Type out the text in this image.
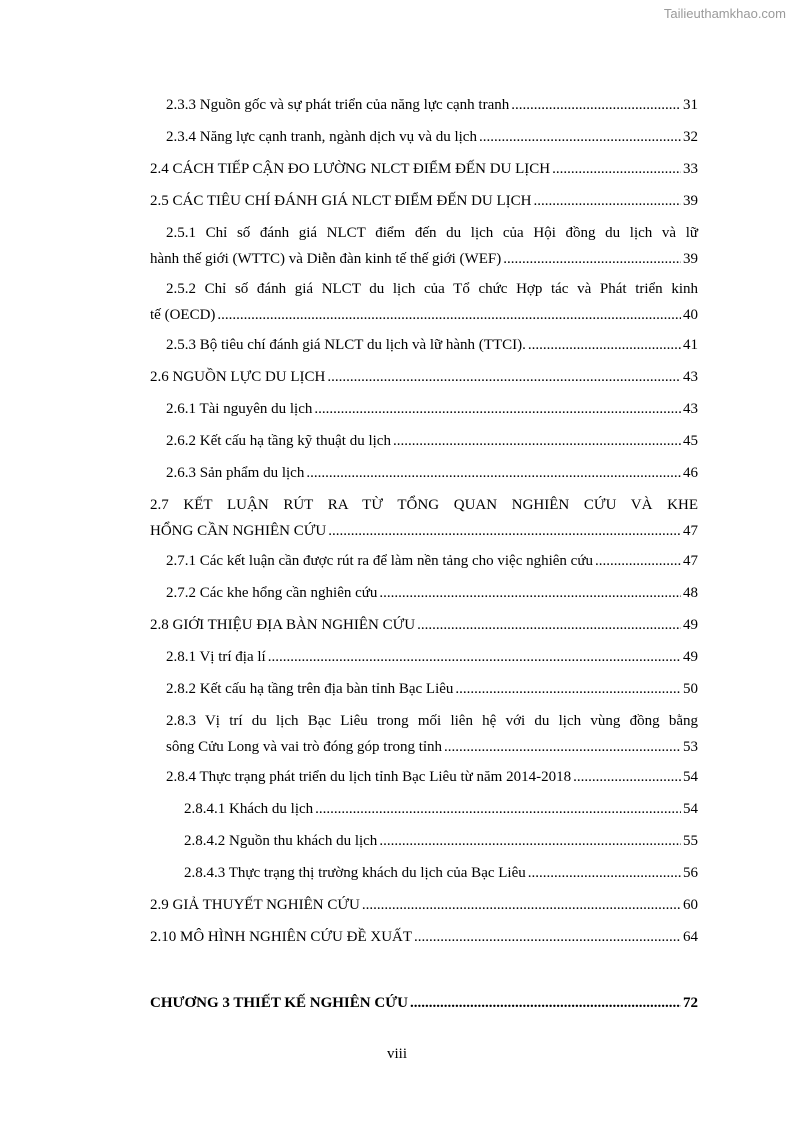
Tailieuthamkhao.com
2.3.3 Nguồn gốc và sự phát triển của năng lực cạnh tranh .....	31
2.3.4 Năng lực cạnh tranh, ngành dịch vụ và du lịch .....	32
2.4 CÁCH TIẾP CẬN ĐO LƯỜNG NLCT ĐIỂM ĐẾN DU LỊCH .....	33
2.5 CÁC TIÊU CHÍ ĐÁNH GIÁ NLCT ĐIỂM ĐẾN DU LỊCH .....	39
2.5.1 Chỉ số đánh giá NLCT điểm đến du lịch của Hội đồng du lịch và lữ
hành thế giới (WTTC) và Diễn đàn kinh tế thế giới (WEF) .....	39
2.5.2 Chỉ số đánh giá NLCT du lịch của Tổ chức Hợp tác và Phát triển kinh
tế (OECD) .....	40
2.5.3 Bộ tiêu chí đánh giá NLCT du lịch và lữ hành (TTCI). .....	41
2.6 NGUỒN LỰC DU LỊCH .....	43
2.6.1 Tài nguyên du lịch .....	43
2.6.2 Kết cấu hạ tầng kỹ thuật du lịch .....	45
2.6.3 Sản phẩm du lịch .....	46
2.7 KẾT LUẬN RÚT RA TỪ TỔNG QUAN NGHIÊN CỨU VÀ KHE
HỔNG CẦN NGHIÊN CỨU .....	47
2.7.1 Các kết luận cần được rút ra để làm nền tảng cho việc nghiên cứu .....	47
2.7.2 Các khe hổng cần nghiên cứu .....	48
2.8 GIỚI THIỆU ĐỊA BÀN NGHIÊN CỨU .....	49
2.8.1 Vị trí địa lí .....	49
2.8.2 Kết cấu hạ tầng trên địa bàn tỉnh Bạc Liêu .....	50
2.8.3 Vị trí du lịch Bạc Liêu trong mối liên hệ với du lịch vùng đồng bằng
sông Cửu Long và vai trò đóng góp trong tỉnh .....	53
2.8.4 Thực trạng phát triển du lịch tỉnh Bạc Liêu từ năm 2014-2018 .....	54
2.8.4.1 Khách du lịch .....	54
2.8.4.2 Nguồn thu khách du lịch .....	55
2.8.4.3 Thực trạng thị trường khách du lịch của Bạc Liêu .....	56
2.9 GIẢ THUYẾT NGHIÊN CỨU .....	60
2.10 MÔ HÌNH NGHIÊN CỨU ĐỀ XUẤT .....	64
CHƯƠNG 3 THIẾT KẾ NGHIÊN CỨU .....	72
viii
